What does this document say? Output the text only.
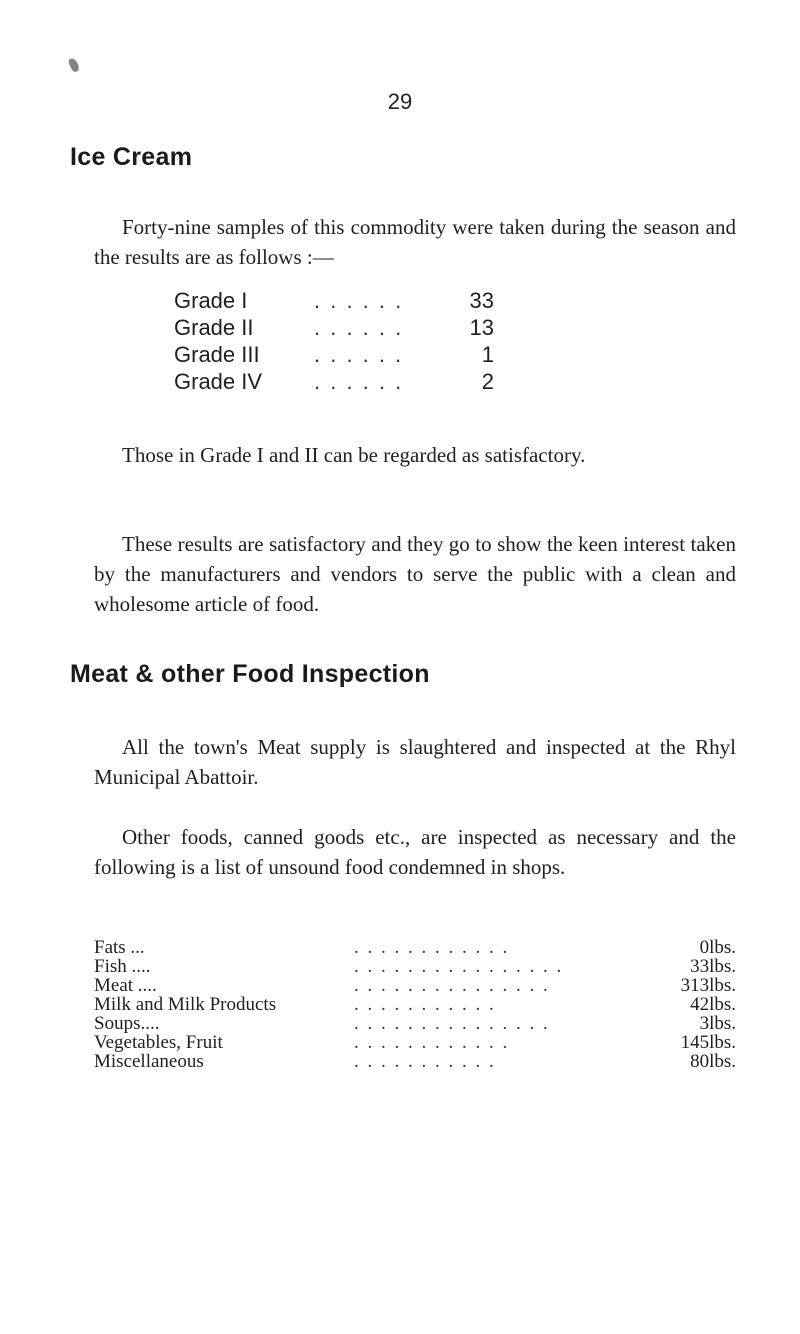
29
Ice Cream
Forty-nine samples of this commodity were taken during the season and the results are as follows :—
Grade I	. . . . . .	33
Grade II	. . . . . .	13
Grade III	. . . . . .	1
Grade IV	. . . . . .	2
Those in Grade I and II can be regarded as satisfactory.
These results are satisfactory and they go to show the keen interest taken by the manufacturers and vendors to serve the public with a clean and wholesome article of food.
Meat & other Food Inspection
All the town's Meat supply is slaughtered and inspected at the Rhyl Municipal Abattoir.
Other foods, canned goods etc., are inspected as necessary and the following is a list of unsound food condemned in shops.
Fats ...	. . . . . . . . . . . .	0lbs.
Fish ....	. . . . . . . . . . . . . . . .	33lbs.
Meat ....	. . . . . . . . . . . . . . .	313lbs.
Milk and Milk Products	. . . . . . . . . . .	42lbs.
Soups....	. . . . . . . . . . . . . . .	3lbs.
Vegetables, Fruit	. . . . . . . . . . . .	145lbs.
Miscellaneous	. . . . . . . . . . .	80lbs.
